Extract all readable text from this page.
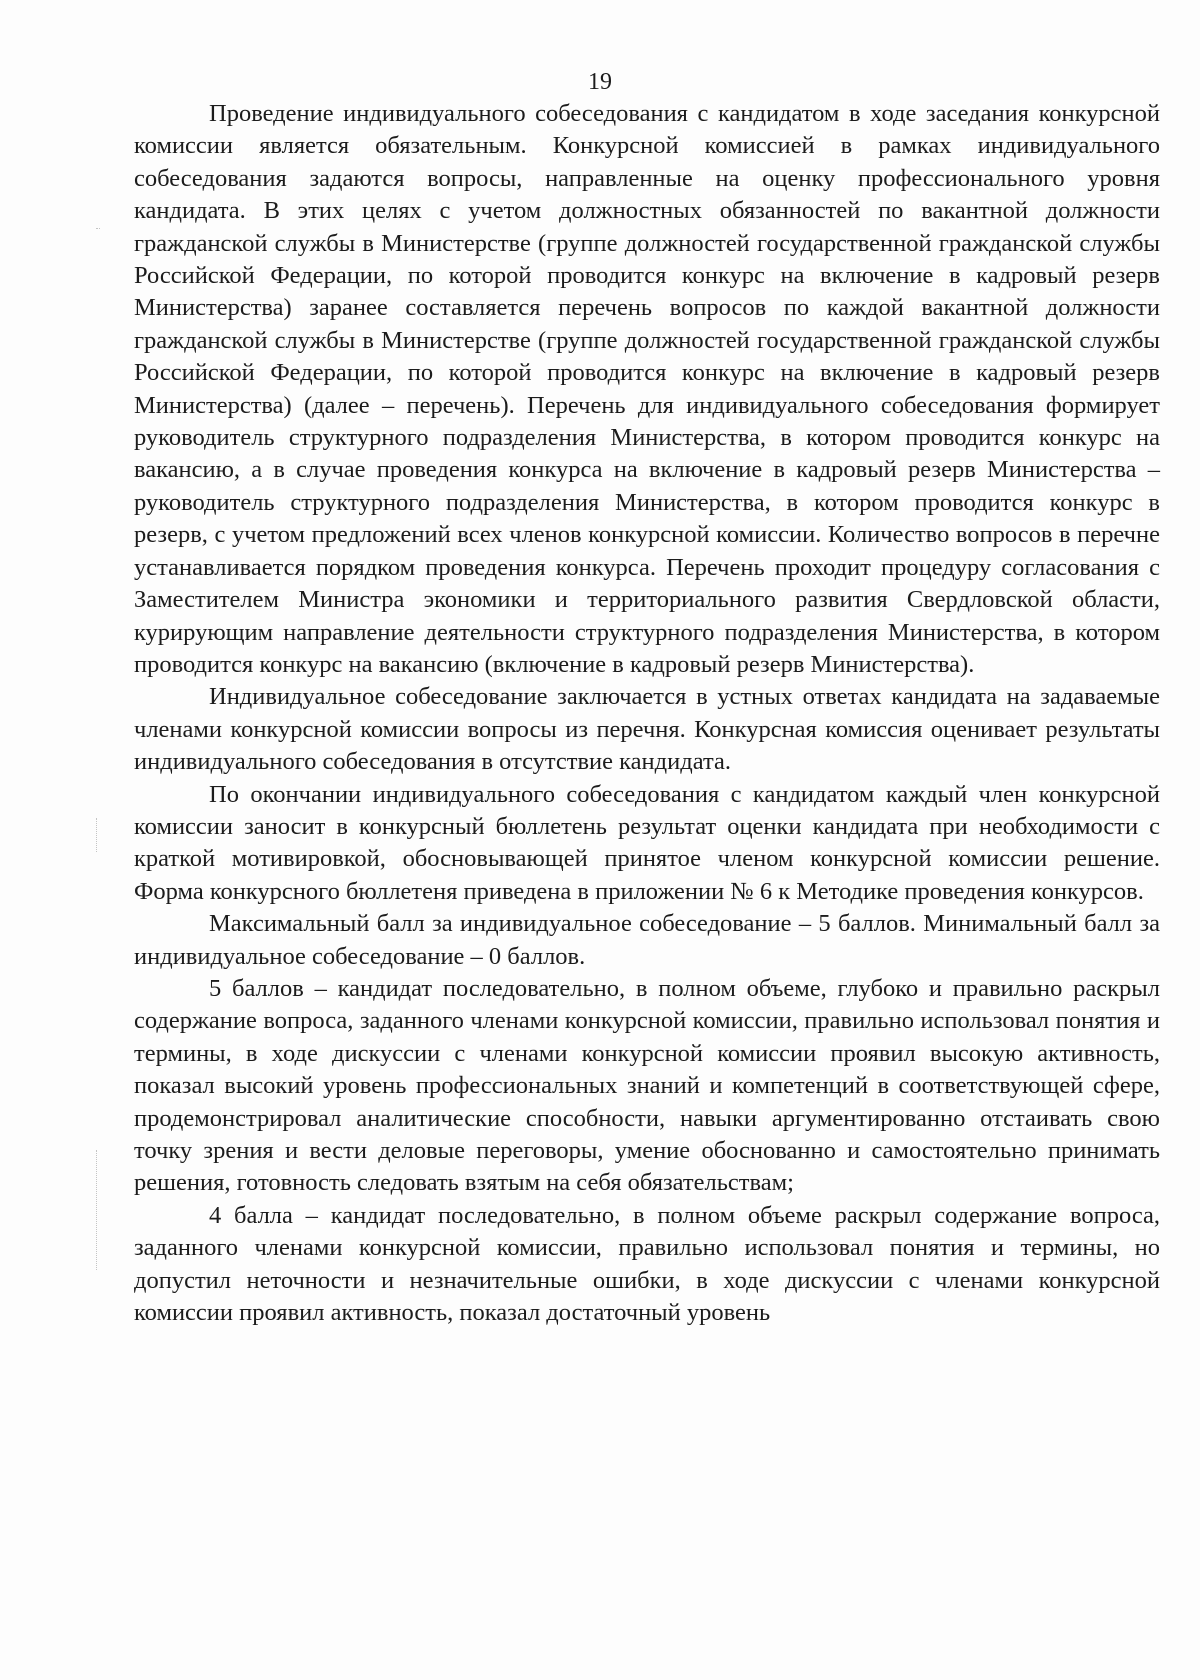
19

Проведение индивидуального собеседования с кандидатом в ходе заседания конкурсной комиссии является обязательным. Конкурсной комиссией в рамках индивидуального собеседования задаются вопросы, направленные на оценку профессионального уровня кандидата. В этих целях с учетом должностных обязанностей по вакантной должности гражданской службы в Министерстве (группе должностей государственной гражданской службы Российской Федерации, по которой проводится конкурс на включение в кадровый резерв Министерства) заранее составляется перечень вопросов по каждой вакантной должности гражданской службы в Министерстве (группе должностей государственной гражданской службы Российской Федерации, по которой проводится конкурс на включение в кадровый резерв Министерства) (далее – перечень). Перечень для индивидуального собеседования формирует руководитель структурного подразделения Министерства, в котором проводится конкурс на вакансию, а в случае проведения конкурса на включение в кадровый резерв Министерства – руководитель структурного подразделения Министерства, в котором проводится конкурс в резерв, с учетом предложений всех членов конкурсной комиссии. Количество вопросов в перечне устанавливается порядком проведения конкурса. Перечень проходит процедуру согласования с Заместителем Министра экономики и территориального развития Свердловской области, курирующим направление деятельности структурного подразделения Министерства, в котором проводится конкурс на вакансию (включение в кадровый резерв Министерства).

Индивидуальное собеседование заключается в устных ответах кандидата на задаваемые членами конкурсной комиссии вопросы из перечня. Конкурсная комиссия оценивает результаты индивидуального собеседования в отсутствие кандидата.

По окончании индивидуального собеседования с кандидатом каждый член конкурсной комиссии заносит в конкурсный бюллетень результат оценки кандидата при необходимости с краткой мотивировкой, обосновывающей принятое членом конкурсной комиссии решение. Форма конкурсного бюллетеня приведена в приложении № 6 к Методике проведения конкурсов.

Максимальный балл за индивидуальное собеседование – 5 баллов. Минимальный балл за индивидуальное собеседование – 0 баллов.

5 баллов – кандидат последовательно, в полном объеме, глубоко и правильно раскрыл содержание вопроса, заданного членами конкурсной комиссии, правильно использовал понятия и термины, в ходе дискуссии с членами конкурсной комиссии проявил высокую активность, показал высокий уровень профессиональных знаний и компетенций в соответствующей сфере, продемонстрировал аналитические способности, навыки аргументированно отстаивать свою точку зрения и вести деловые переговоры, умение обоснованно и самостоятельно принимать решения, готовность следовать взятым на себя обязательствам;

4 балла – кандидат последовательно, в полном объеме раскрыл содержание вопроса, заданного членами конкурсной комиссии, правильно использовал понятия и термины, но допустил неточности и незначительные ошибки, в ходе дискуссии с членами конкурсной комиссии проявил активность, показал достаточный уровень
